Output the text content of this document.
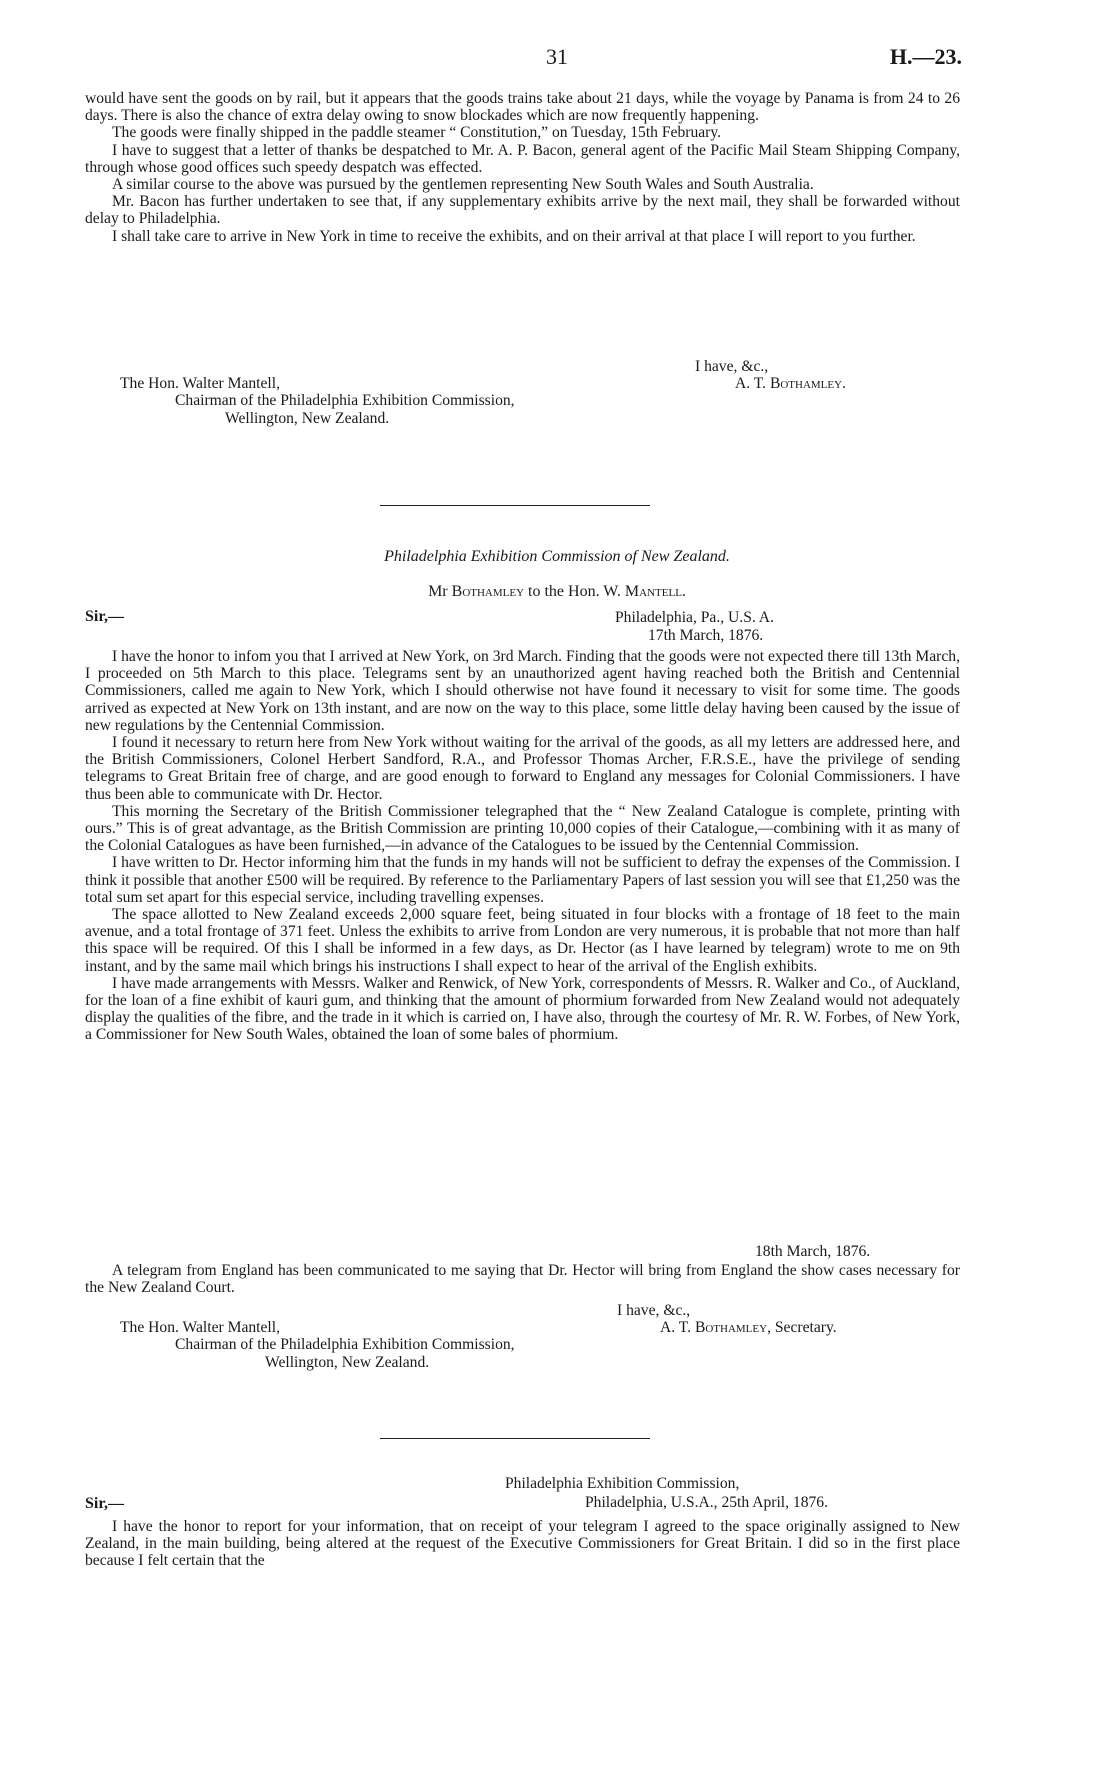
31	H.—23.

would have sent the goods on by rail, but it appears that the goods trains take about 21 days, while the voyage by Panama is from 24 to 26 days. There is also the chance of extra delay owing to snow blockades which are now frequently happening.

The goods were finally shipped in the paddle steamer “ Constitution,” on Tuesday, 15th February.

I have to suggest that a letter of thanks be despatched to Mr. A. P. Bacon, general agent of the Pacific Mail Steam Shipping Company, through whose good offices such speedy despatch was effected.

A similar course to the above was pursued by the gentlemen representing New South Wales and South Australia.

Mr. Bacon has further undertaken to see that, if any supplementary exhibits arrive by the next mail, they shall be forwarded without delay to Philadelphia.

I shall take care to arrive in New York in time to receive the exhibits, and on their arrival at that place I will report to you further.

I have, &c.,
The Hon. Walter Mantell,	A. T. Bothamley.
Chairman of the Philadelphia Exhibition Commission,
Wellington, New Zealand.
Philadelphia Exhibition Commission of New Zealand.
Mr Bothamley to the Hon. W. Mantell.
Sir,—	Philadelphia, Pa., U.S. A.
17th March, 1876.

I have the honor to infom you that I arrived at New York, on 3rd March. Finding that the goods were not expected there till 13th March, I proceeded on 5th March to this place. Telegrams sent by an unauthorized agent having reached both the British and Centennial Commissioners, called me again to New York, which I should otherwise not have found it necessary to visit for some time. The goods arrived as expected at New York on 13th instant, and are now on the way to this place, some little delay having been caused by the issue of new regulations by the Centennial Commission.

I found it necessary to return here from New York without waiting for the arrival of the goods, as all my letters are addressed here, and the British Commissioners, Colonel Herbert Sandford, R.A., and Professor Thomas Archer, F.R.S.E., have the privilege of sending telegrams to Great Britain free of charge, and are good enough to forward to England any messages for Colonial Commissioners. I have thus been able to communicate with Dr. Hector.

This morning the Secretary of the British Commissioner telegraphed that the “ New Zealand Catalogue is complete, printing with ours.” This is of great advantage, as the British Commission are printing 10,000 copies of their Catalogue,—combining with it as many of the Colonial Catalogues as have been furnished,—in advance of the Catalogues to be issued by the Centennial Commission.

I have written to Dr. Hector informing him that the funds in my hands will not be sufficient to defray the expenses of the Commission. I think it possible that another £500 will be required. By reference to the Parliamentary Papers of last session you will see that £1,250 was the total sum set apart for this especial service, including travelling expenses.

The space allotted to New Zealand exceeds 2,000 square feet, being situated in four blocks with a frontage of 18 feet to the main avenue, and a total frontage of 371 feet. Unless the exhibits to arrive from London are very numerous, it is probable that not more than half this space will be required. Of this I shall be informed in a few days, as Dr. Hector (as I have learned by telegram) wrote to me on 9th instant, and by the same mail which brings his instructions I shall expect to hear of the arrival of the English exhibits.

I have made arrangements with Messrs. Walker and Renwick, of New York, correspondents of Messrs. R. Walker and Co., of Auckland, for the loan of a fine exhibit of kauri gum, and thinking that the amount of phormium forwarded from New Zealand would not adequately display the qualities of the fibre, and the trade in it which is carried on, I have also, through the courtesy of Mr. R. W. Forbes, of New York, a Commissioner for New South Wales, obtained the loan of some bales of phormium.

18th March, 1876.

A telegram from England has been communicated to me saying that Dr. Hector will bring from England the show cases necessary for the New Zealand Court.

I have, &c.,
The Hon. Walter Mantell,	A. T. Bothamley, Secretary.
Chairman of the Philadelphia Exhibition Commission,
Wellington, New Zealand.
Philadelphia Exhibition Commission,
Sir,—	Philadelphia, U.S.A., 25th April, 1876.

I have the honor to report for your information, that on receipt of your telegram I agreed to the space originally assigned to New Zealand, in the main building, being altered at the request of the Executive Commissioners for Great Britain. I did so in the first place because I felt certain that the
